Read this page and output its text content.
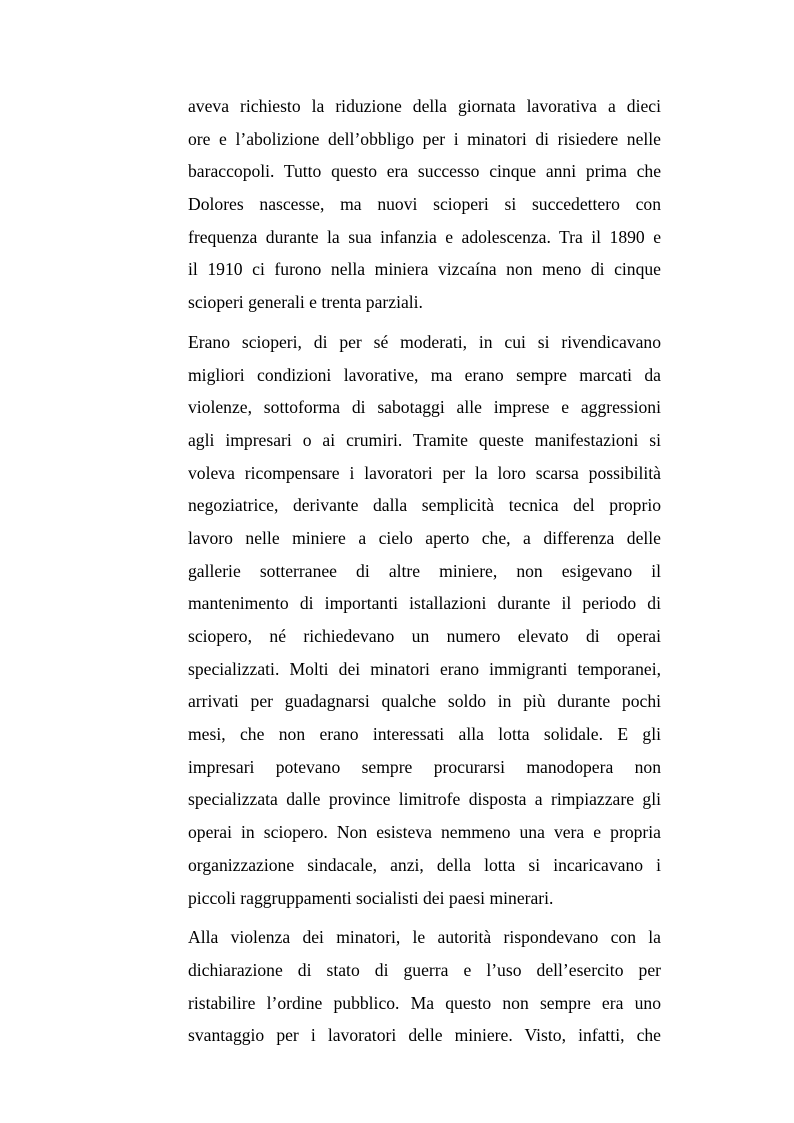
aveva richiesto la riduzione della giornata lavorativa a dieci
ore e l’abolizione dell’obbligo per i minatori di risiedere nelle
baraccopoli. Tutto questo era successo cinque anni prima che
Dolores nascesse, ma nuovi scioperi si succedettero con
frequenza durante la sua infanzia e adolescenza. Tra il 1890 e
il 1910 ci furono nella miniera vizcaína non meno di cinque
scioperi generali e trenta parziali.
Erano scioperi, di per sé moderati, in cui si rivendicavano
migliori condizioni lavorative, ma erano sempre marcati da
violenze, sottoforma di sabotaggi alle imprese e aggressioni
agli impresari o ai crumiri. Tramite queste manifestazioni si
voleva ricompensare i lavoratori per la loro scarsa possibilità
negoziatrice, derivante dalla semplicità tecnica del proprio
lavoro nelle miniere a cielo aperto che, a differenza delle
gallerie sotterranee di altre miniere, non esigevano il
mantenimento di importanti istallazioni durante il periodo di
sciopero, né richiedevano un numero elevato di operai
specializzati. Molti dei minatori erano immigranti temporanei,
arrivati per guadagnarsi qualche soldo in più durante pochi
mesi, che non erano interessati alla lotta solidale. E gli
impresari potevano sempre procurarsi manodopera non
specializzata dalle province limitrofe disposta a rimpiazzare gli
operai in sciopero. Non esisteva nemmeno una vera e propria
organizzazione sindacale, anzi, della lotta si incaricavano i
piccoli raggruppamenti socialisti dei paesi minerari.
Alla violenza dei minatori, le autorità rispondevano con la
dichiarazione di stato di guerra e l’uso dell’esercito per
ristabilire l’ordine pubblico. Ma questo non sempre era uno
svantaggio per i lavoratori delle miniere. Visto, infatti, che
